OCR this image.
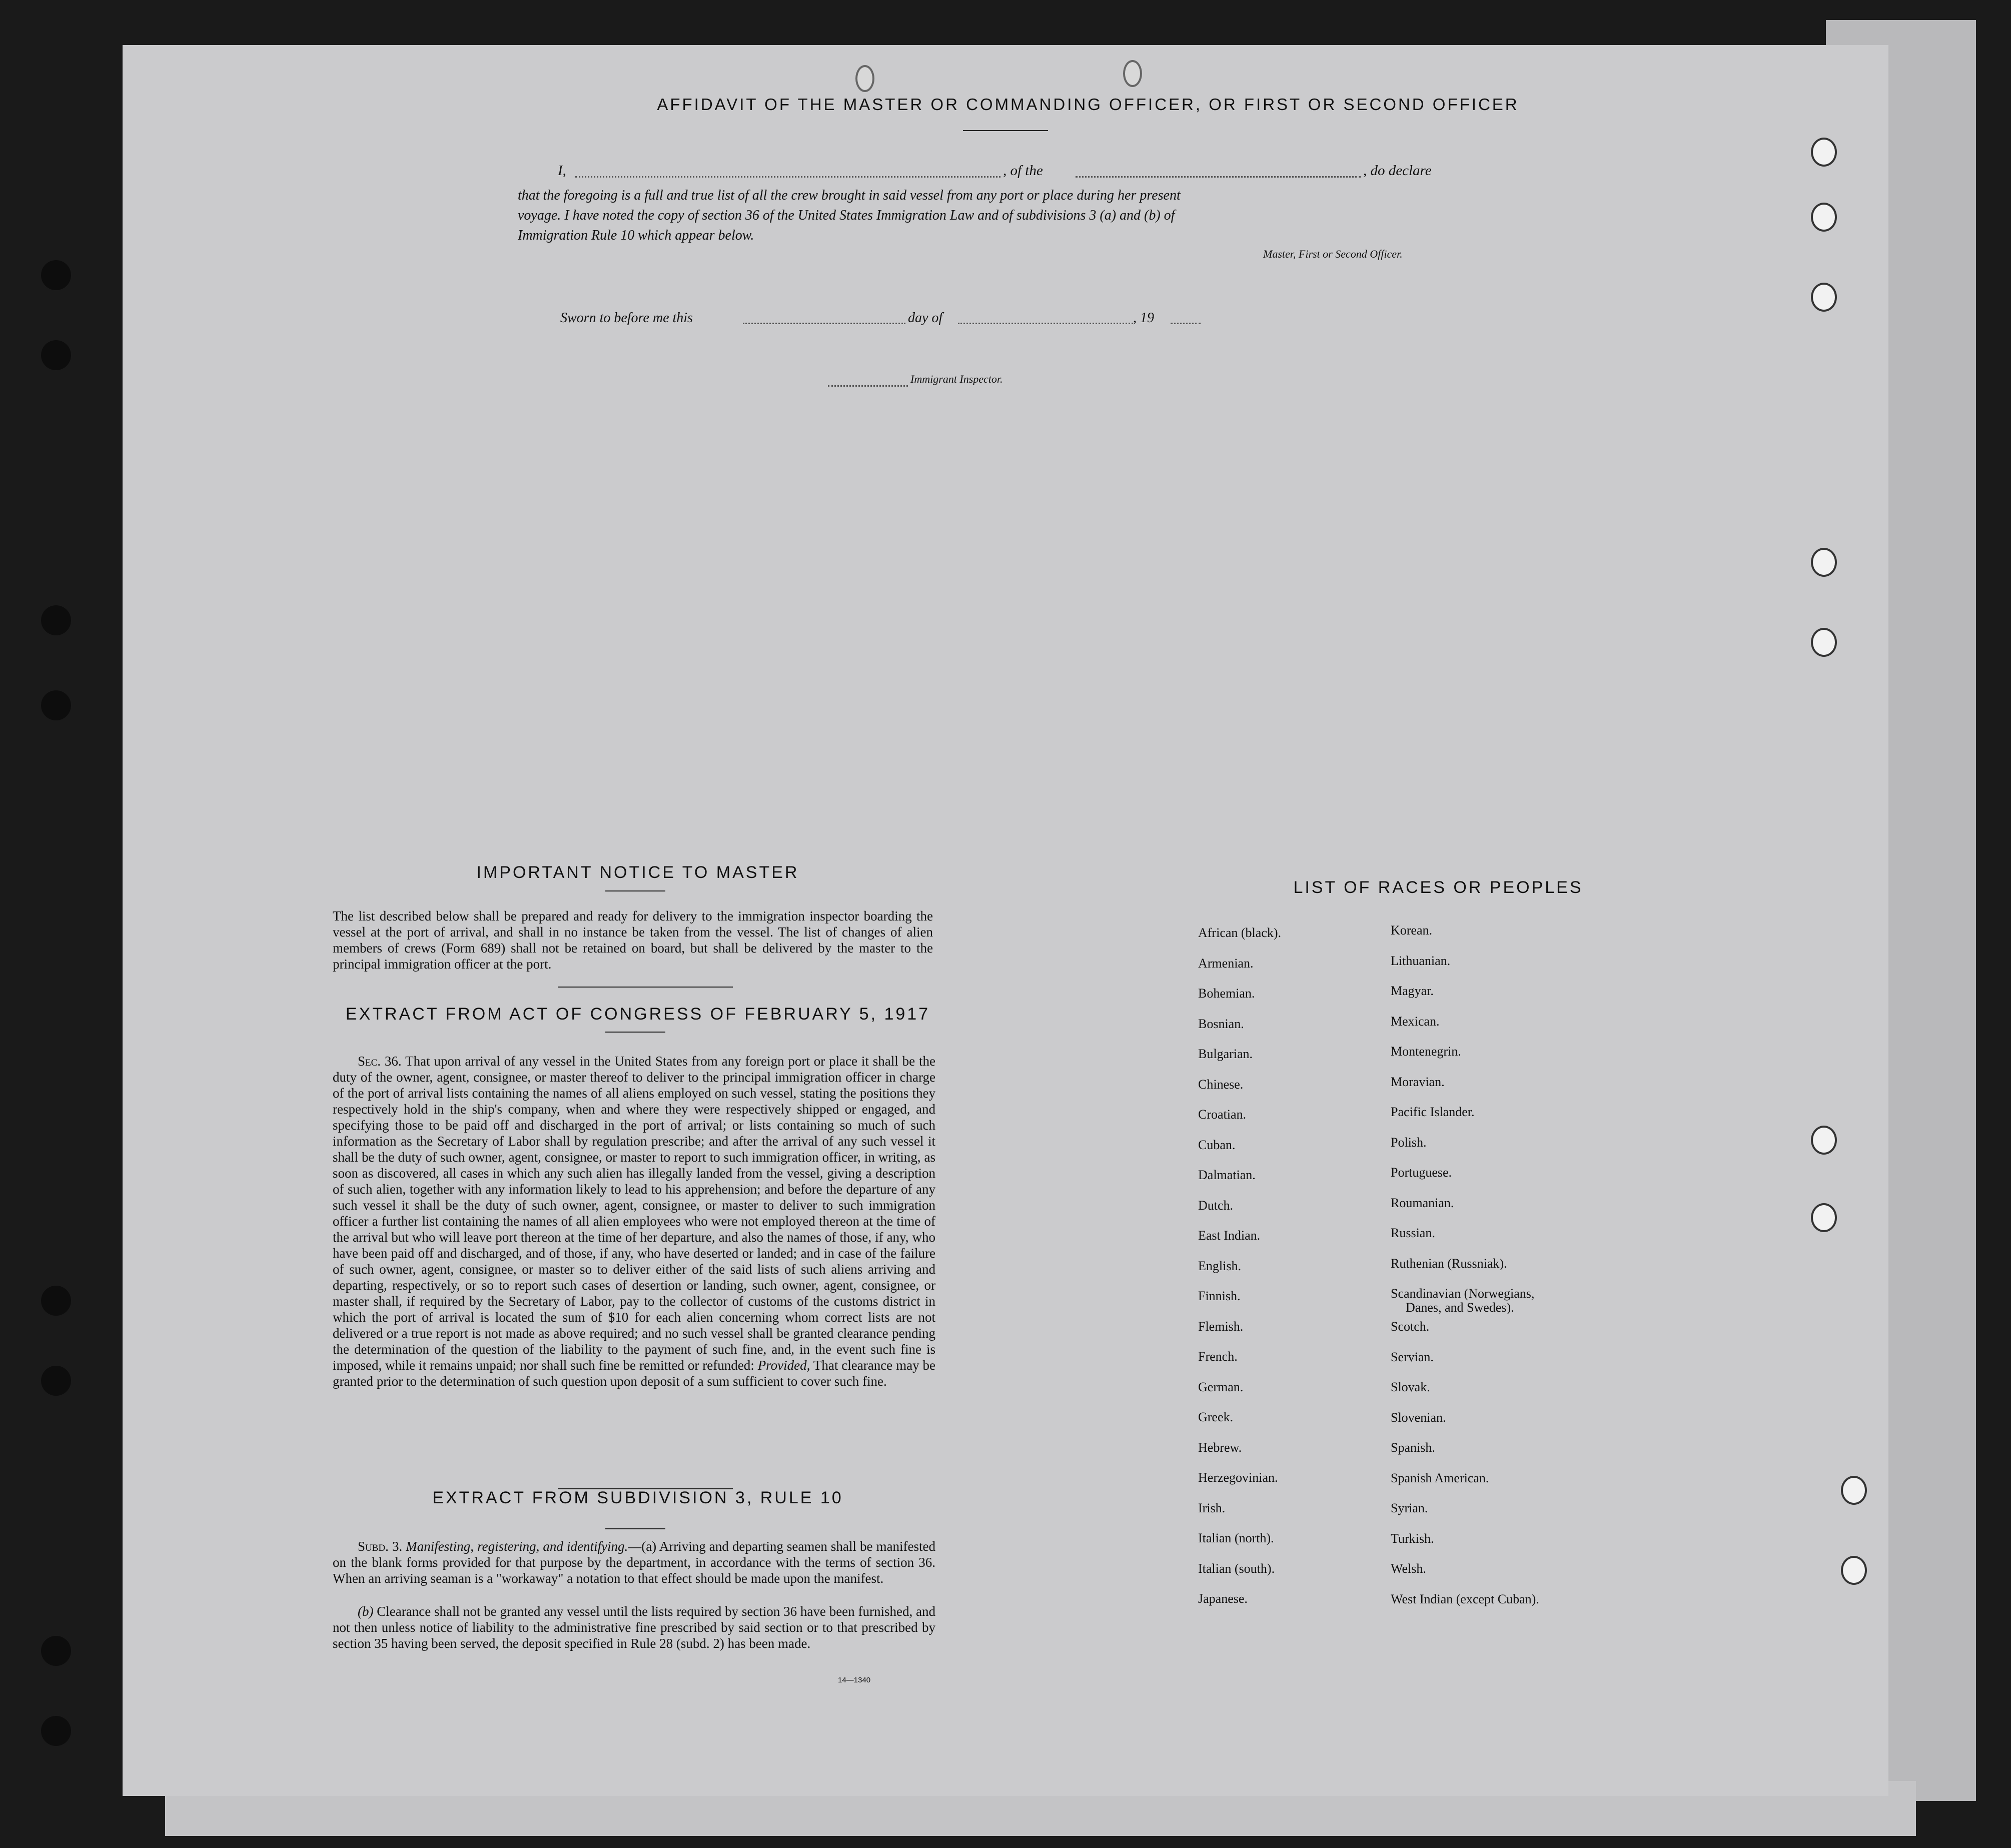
AFFIDAVIT OF THE MASTER OR COMMANDING OFFICER, OR FIRST OR SECOND OFFICER
I,	, of the	, do declare
that the foregoing is a full and true list of all the crew brought in said vessel from any port or place during her present
voyage. I have noted the copy of section 36 of the United States Immigration Law and of subdivisions 3 (a) and (b) of
Immigration Rule 10 which appear below.
Master, First or Second Officer.
Sworn to before me this	day of	, 19
Immigrant Inspector.
IMPORTANT NOTICE TO MASTER
The list described below shall be prepared and ready for delivery to the immigration inspector boarding the vessel at the port of arrival, and shall in no instance be taken from the vessel. The list of changes of alien members of crews (Form 689) shall not be retained on board, but shall be delivered by the master to the principal immigration officer at the port.
EXTRACT FROM ACT OF CONGRESS OF FEBRUARY 5, 1917
Sec. 36. That upon arrival of any vessel in the United States from any foreign port or place it shall be the duty of the owner, agent, consignee, or master thereof to deliver to the principal immigration officer in charge of the port of arrival lists containing the names of all aliens employed on such vessel, stating the positions they respectively hold in the ship's company, when and where they were respectively shipped or engaged, and specifying those to be paid off and discharged in the port of arrival; or lists containing so much of such information as the Secretary of Labor shall by regulation prescribe; and after the arrival of any such vessel it shall be the duty of such owner, agent, consignee, or master to report to such immigration officer, in writing, as soon as discovered, all cases in which any such alien has illegally landed from the vessel, giving a description of such alien, together with any information likely to lead to his apprehension; and before the departure of any such vessel it shall be the duty of such owner, agent, consignee, or master to deliver to such immigration officer a further list containing the names of all alien employees who were not employed thereon at the time of the arrival but who will leave port thereon at the time of her departure, and also the names of those, if any, who have been paid off and discharged, and of those, if any, who have deserted or landed; and in case of the failure of such owner, agent, consignee, or master so to deliver either of the said lists of such aliens arriving and departing, respectively, or so to report such cases of desertion or landing, such owner, agent, consignee, or master shall, if required by the Secretary of Labor, pay to the collector of customs of the customs district in which the port of arrival is located the sum of $10 for each alien concerning whom correct lists are not delivered or a true report is not made as above required; and no such vessel shall be granted clearance pending the determination of the question of the liability to the payment of such fine, and, in the event such fine is imposed, while it remains unpaid; nor shall such fine be remitted or refunded: Provided, That clearance may be granted prior to the determination of such question upon deposit of a sum sufficient to cover such fine.
EXTRACT FROM SUBDIVISION 3, RULE 10
Subd. 3. Manifesting, registering, and identifying.—(a) Arriving and departing seamen shall be manifested on the blank forms provided for that purpose by the department, in accordance with the terms of section 36. When an arriving seaman is a "workaway" a notation to that effect should be made upon the manifest.
(b) Clearance shall not be granted any vessel until the lists required by section 36 have been furnished, and not then unless notice of liability to the administrative fine prescribed by said section or to that prescribed by section 35 having been served, the deposit specified in Rule 28 (subd. 2) has been made.
14—1340
LIST OF RACES OR PEOPLES
African (black).
Armenian.
Bohemian.
Bosnian.
Bulgarian.
Chinese.
Croatian.
Cuban.
Dalmatian.
Dutch.
East Indian.
English.
Finnish.
Flemish.
French.
German.
Greek.
Hebrew.
Herzegovinian.
Irish.
Italian (north).
Italian (south).
Japanese.
Korean.
Lithuanian.
Magyar.
Mexican.
Montenegrin.
Moravian.
Pacific Islander.
Polish.
Portuguese.
Roumanian.
Russian.
Ruthenian (Russniak).
Scandinavian (Norwegians,
Danes, and Swedes).
Scotch.
Servian.
Slovak.
Slovenian.
Spanish.
Spanish American.
Syrian.
Turkish.
Welsh.
West Indian (except Cuban).
